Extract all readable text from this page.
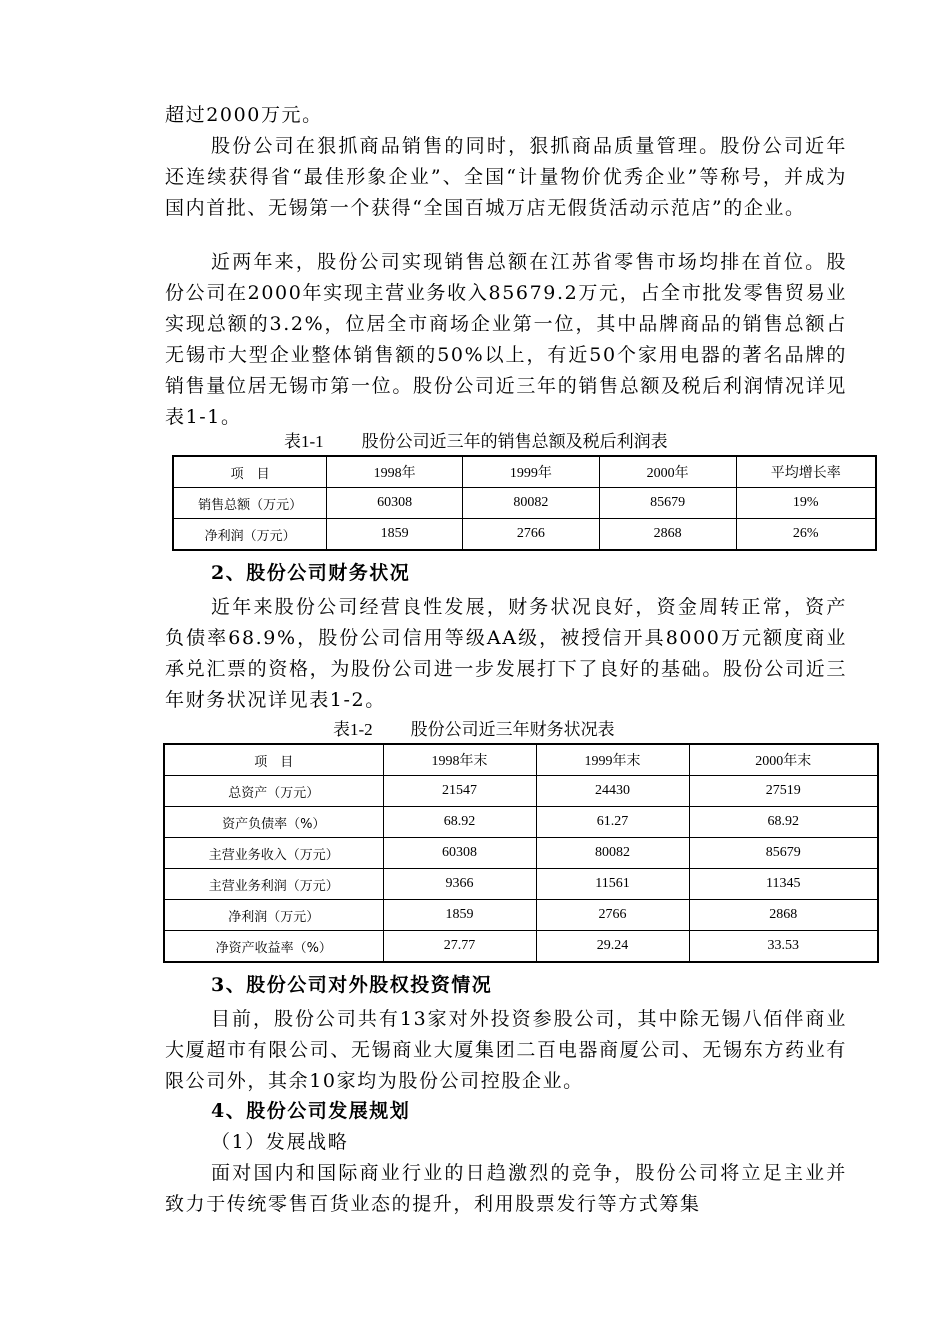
超过2000万元。

股份公司在狠抓商品销售的同时，狠抓商品质量管理。股份公司近年还连续获得省“最佳形象企业”、全国“计量物价优秀企业”等称号，并成为国内首批、无锡第一个获得“全国百城万店无假货活动示范店”的企业。

近两年来，股份公司实现销售总额在江苏省零售市场均排在首位。股份公司在2000年实现主营业务收入85679.2万元，占全市批发零售贸易业实现总额的3.2%，位居全市商场企业第一位，其中品牌商品的销售总额占无锡市大型企业整体销售额的50%以上，有近50个家用电器的著名品牌的销售量位居无锡市第一位。股份公司近三年的销售总额及税后利润情况详见表1-1。

表1-1 股份公司近三年的销售总额及税后利润表
项　目	1998年	1999年	2000年	平均增长率
销售总额（万元）	60308	80082	85679	19%
净利润（万元）	1859	2766	2868	26%
2、股份公司财务状况

近年来股份公司经营良性发展，财务状况良好，资金周转正常，资产负债率68.9%，股份公司信用等级AA级，被授信开具8000万元额度商业承兑汇票的资格，为股份公司进一步发展打下了良好的基础。股份公司近三年财务状况详见表1-2。

表1-2 股份公司近三年财务状况表
项　目	1998年末	1999年末	2000年末
总资产（万元）	21547	24430	27519
资产负债率（%）	68.92	61.27	68.92
主营业务收入（万元）	60308	80082	85679
主营业务利润（万元）	9366	11561	11345
净利润（万元）	1859	2766	2868
净资产收益率（%）	27.77	29.24	33.53
3、股份公司对外股权投资情况

目前，股份公司共有13家对外投资参股公司，其中除无锡八佰伴商业大厦超市有限公司、无锡商业大厦集团二百电器商厦公司、无锡东方药业有限公司外，其余10家均为股份公司控股企业。

4、股份公司发展规划

（1）发展战略

面对国内和国际商业行业的日趋激烈的竞争，股份公司将立足主业并致力于传统零售百货业态的提升，利用股票发行等方式筹集
